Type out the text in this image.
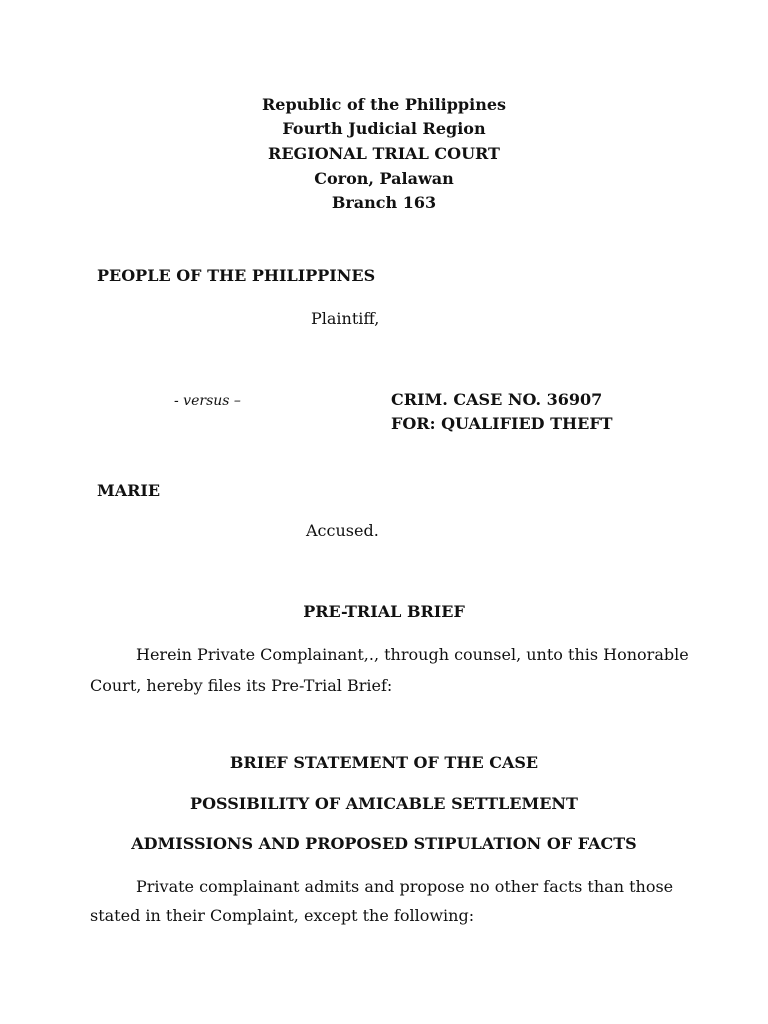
Republic of the Philippines

Fourth Judicial Region

REGIONAL TRIAL COURT

Coron, Palawan

Branch 163

PEOPLE OF THE PHILIPPINES

Plaintiff,

- versus –	CRIM. CASE NO. 36907

FOR: QUALIFIED THEFT

MARIE

Accused.

PRE-TRIAL BRIEF

Herein Private Complainant,., through counsel, unto this Honorable

Court, hereby files its Pre-Trial Brief:

BRIEF STATEMENT OF THE CASE

POSSIBILITY OF AMICABLE SETTLEMENT

ADMISSIONS AND PROPOSED STIPULATION OF FACTS

Private complainant admits and propose no other facts than those

stated in their Complaint, except the following:
